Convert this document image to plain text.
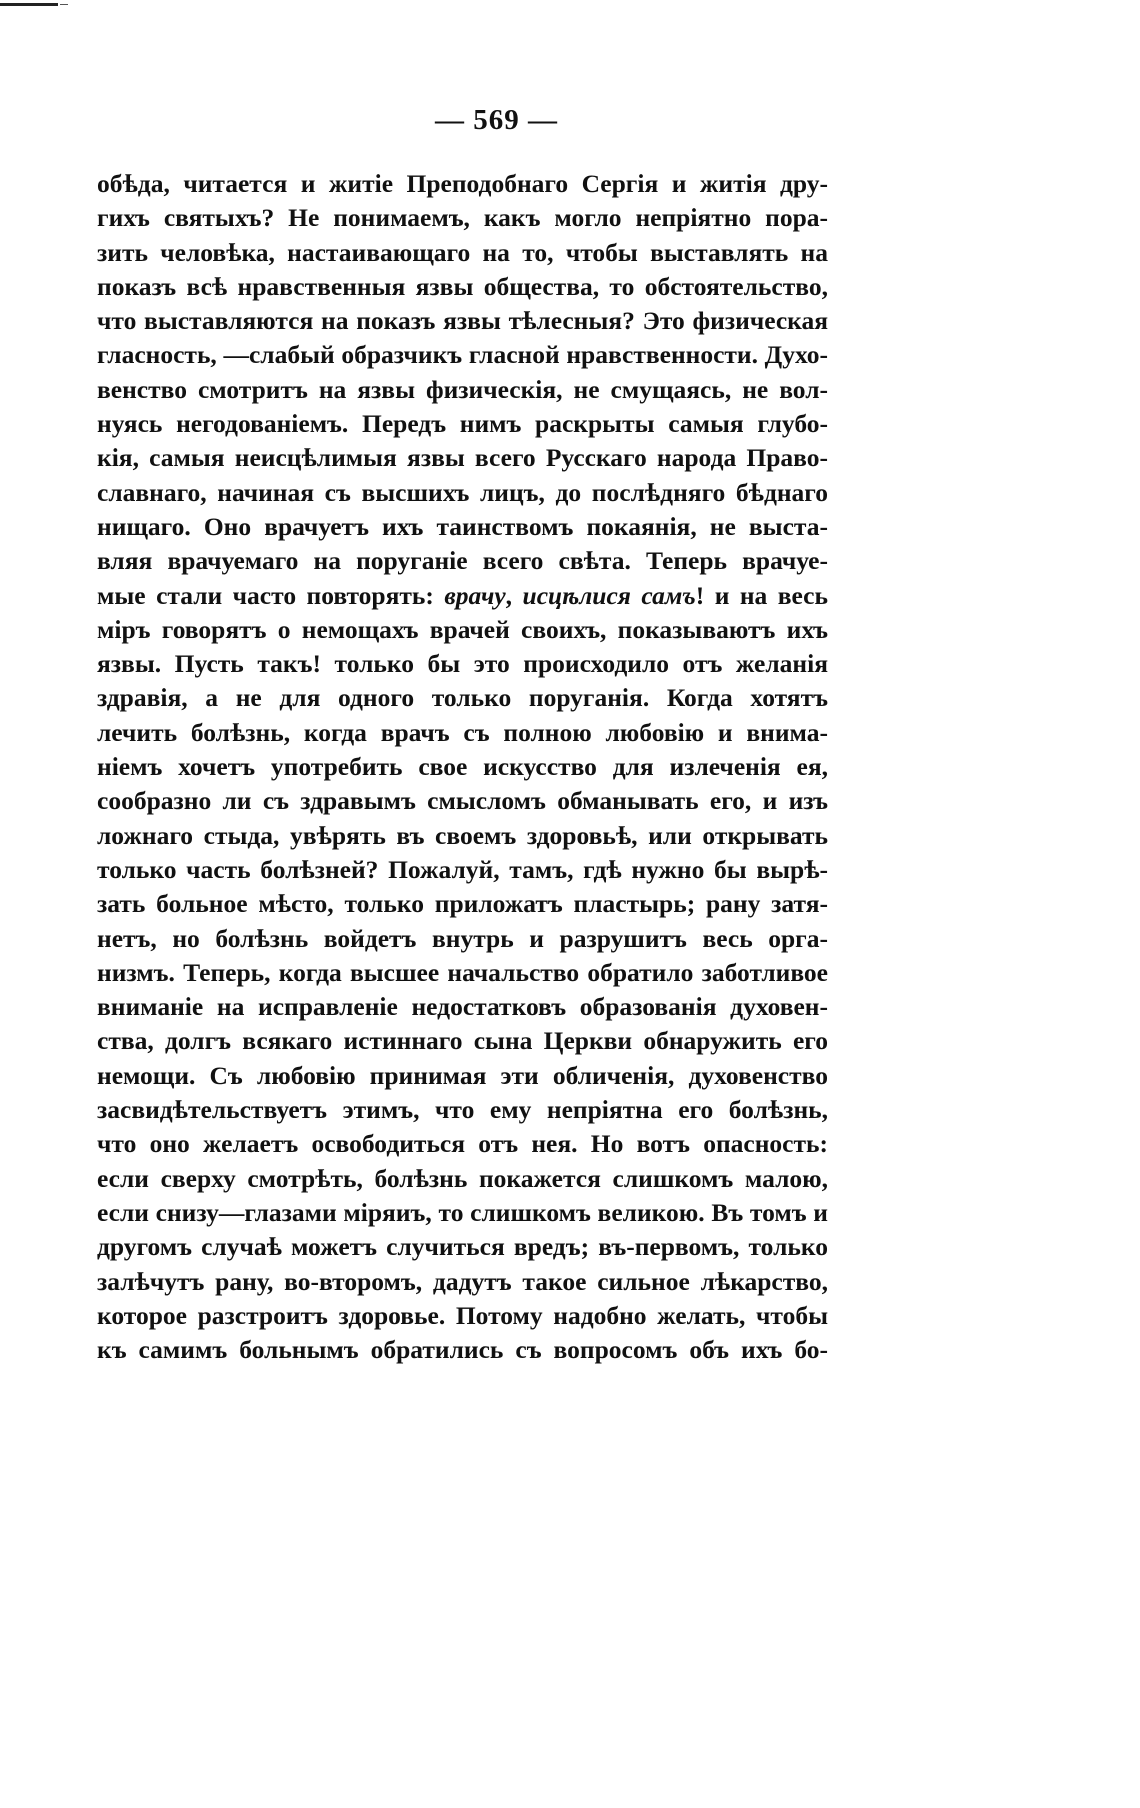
— 569 —
обѣда, читается и житіе Преподобнаго Сергія и житія дру-
гихъ святыхъ? Не понимаемъ, какъ могло непріятно пора-
зить человѣка, настаивающаго на то, чтобы выставлять на
показъ всѣ нравственныя язвы общества, то обстоятельство,
что выставляются на показъ язвы тѣлесныя? Это физическая
гласность, —слабый образчикъ гласной нравственности. Духо-
венство смотритъ на язвы физическія, не смущаясь, не вол-
нуясь негодованіемъ. Передъ нимъ раскрыты самыя глубо-
кія, самыя неисцѣлимыя язвы всего Русскаго народа Право-
славнаго, начиная съ высшихъ лицъ, до послѣдняго бѣднаго
нищаго. Оно врачуетъ ихъ таинствомъ покаянія, не выста-
вляя врачуемаго на поруганіе всего свѣта. Теперь врачуе-
мые стали часто повторять: врачу, исцѣлися самъ! и на весь
міръ говорятъ о немощахъ врачей своихъ, показываютъ ихъ
язвы. Пусть такъ! только бы это происходило отъ желанія
здравія, а не для одного только поруганія. Когда хотятъ
лечить болѣзнь, когда врачъ съ полною любовію и внима-
ніемъ хочетъ употребить свое искусство для излеченія ея,
сообразно ли съ здравымъ смысломъ обманывать его, и изъ
ложнаго стыда, увѣрять въ своемъ здоровьѣ, или открывать
только часть болѣзней? Пожалуй, тамъ, гдѣ нужно бы вырѣ-
зать больное мѣсто, только приложатъ пластырь; рану затя-
нетъ, но болѣзнь войдетъ внутрь и разрушитъ весь орга-
низмъ. Теперь, когда высшее начальство обратило заботливое
вниманіе на исправленіе недостатковъ образованія духовен-
ства, долгъ всякаго истиннаго сына Церкви обнаружить его
немощи. Съ любовію принимая эти обличенія, духовенство
засвидѣтельствуетъ этимъ, что ему непріятна его болѣзнь,
что оно желаетъ освободиться отъ нея. Но вотъ опасность:
если сверху смотрѣть, болѣзнь покажется слишкомъ малою,
если снизу—глазами міряиъ, то слишкомъ великою. Въ томъ и
другомъ случаѣ можетъ случиться вредъ; въ-первомъ, только
залѣчутъ рану, во-второмъ, дадутъ такое сильное лѣкарство,
которое разстроитъ здоровье. Потому надобно желать, чтобы
къ самимъ больнымъ обратились съ вопросомъ объ ихъ бо-
